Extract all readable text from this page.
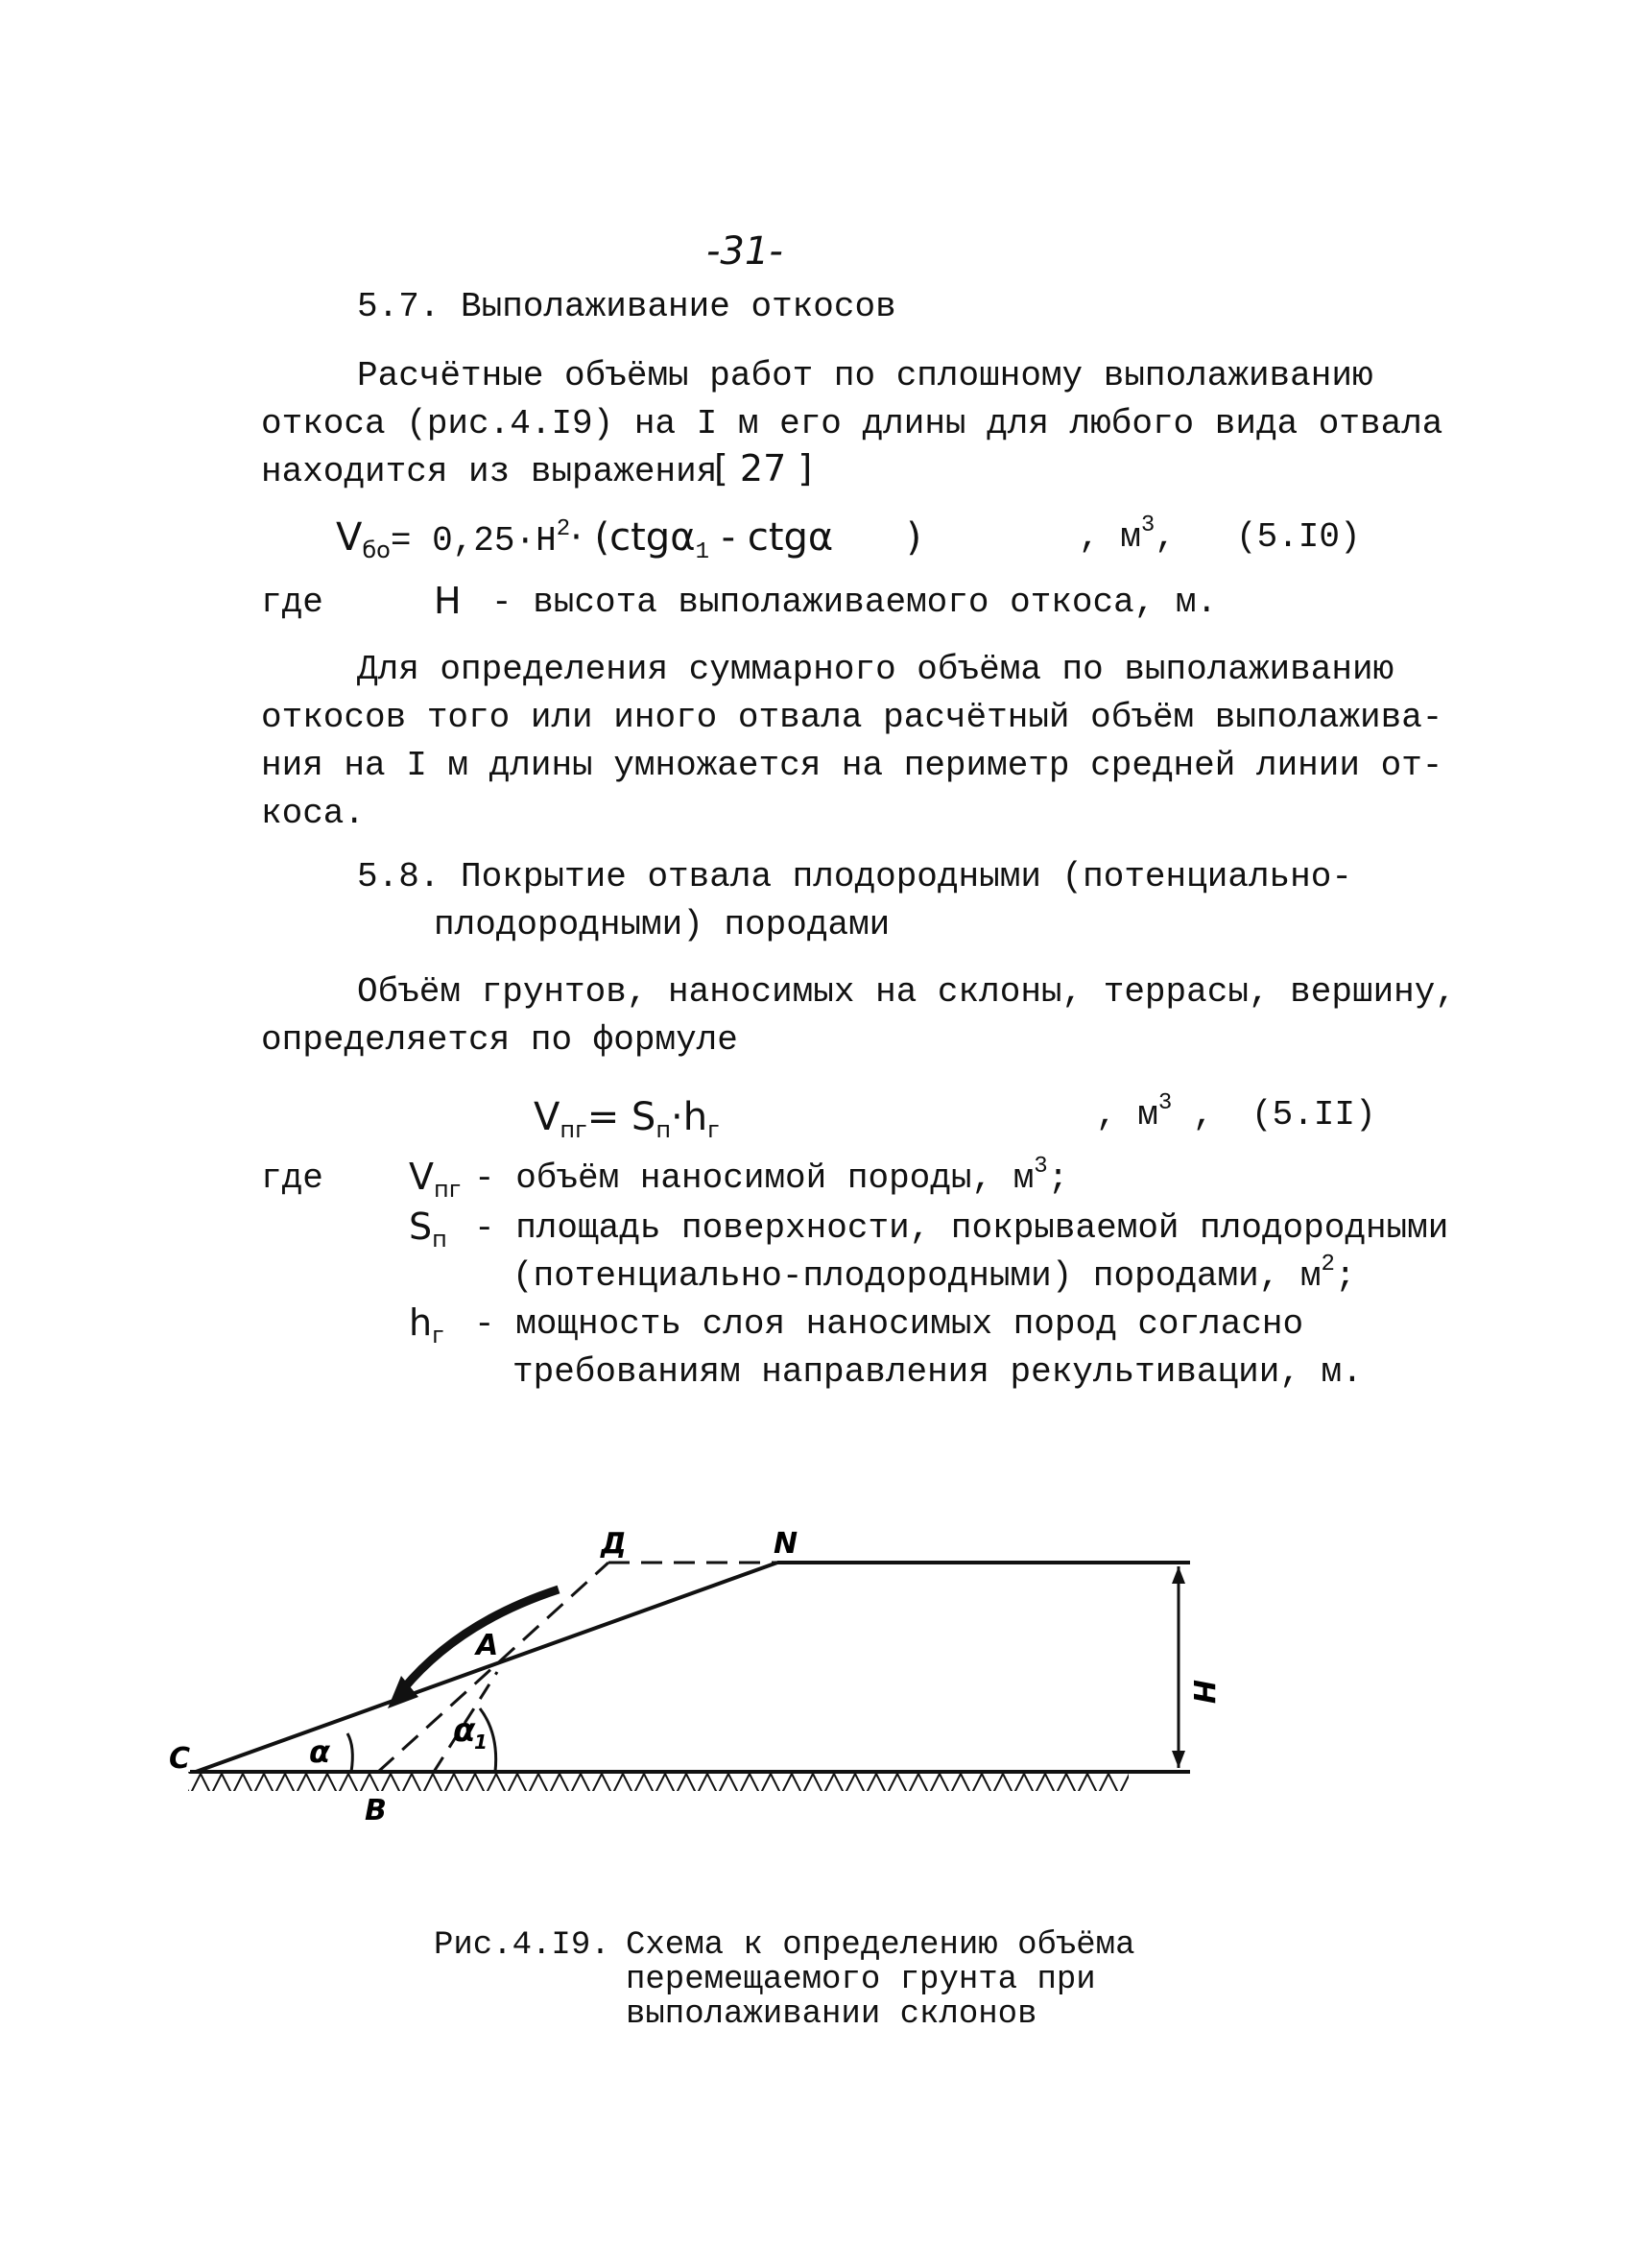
-31-
5.7. Выполаживание откосов
Расчётные объёмы работ по сплошному выполаживанию
откоса (рис.4.I9) на I м его длины для любого вида отвала
находится из выражения
[ 27 ]
$V_{бо}= 0,25\cdot H^2\cdot (ctg\alpha_1 - ctg\alpha$      )	, $м^3$, (5.I0)
где	H - высота выполаживаемого откоса, м.
Для определения суммарного объёма по выполаживанию
откосов того или иного отвала расчётный объём выполажива-
ния на I м длины умножается на периметр средней линии от-
коса.
5.8. Покрытие отвала плодородными (потенциально-
плодородными) породами
Объём грунтов, наносимых на склоны, террасы, вершину,
определяется по формуле
$V_{пг}= S_п\cdot h_г$	, $м^3$ , (5.II)
где $V_{пг}$ - объём наносимой породы, $м^3$;
$S_п$ - площадь поверхности, покрываемой плодородными
(потенциально-плодородными) породами, $м^2$;
$h_г$ - мощность слоя наносимых пород согласно
требованиям направления рекультивации, м.
C
B
A
Д	N
H
α
α
1
Рис.4.I9. Схема к определению объёма
перемещаемого грунта при
выполаживании склонов
